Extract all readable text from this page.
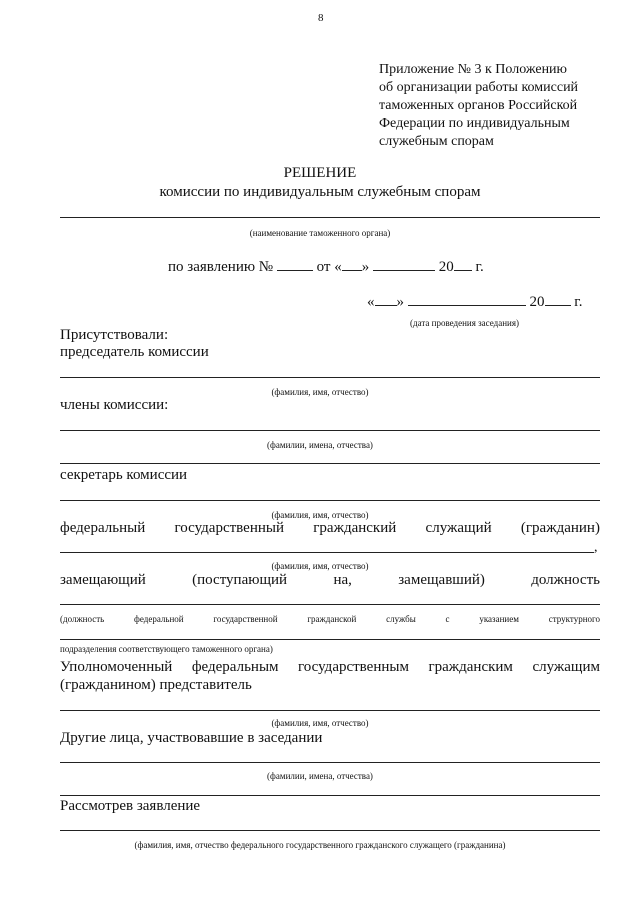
8
Приложение № 3 к Положению
об организации работы комиссий
таможенных органов Российской
Федерации по индивидуальным
служебным спорам
РЕШЕНИЕ
комиссии по индивидуальным служебным спорам
(наименование таможенного органа)
по заявлению №	от « »	20 г.
« »	20 г.
(дата проведения заседания)
Присутствовали:
председатель комиссии
(фамилия, имя, отчество)
члены комиссии:
(фамилии, имена, отчества)
секретарь комиссии
(фамилия, имя, отчество)
федеральный государственный гражданский служащий (гражданин)
,
(фамилия, имя, отчество)
замещающий	(поступающий	на,	замещавший)	должность
(должность	федеральной	государственной	гражданской	службы	с	указанием	структурного
подразделения соответствующего таможенного органа)
Уполномоченный федеральным государственным гражданским служащим
(гражданином) представитель
(фамилия, имя, отчество)
Другие лица, участвовавшие в заседании
(фамилии, имена, отчества)
Рассмотрев заявление
(фамилия, имя, отчество федерального государственного гражданского служащего (гражданина)
